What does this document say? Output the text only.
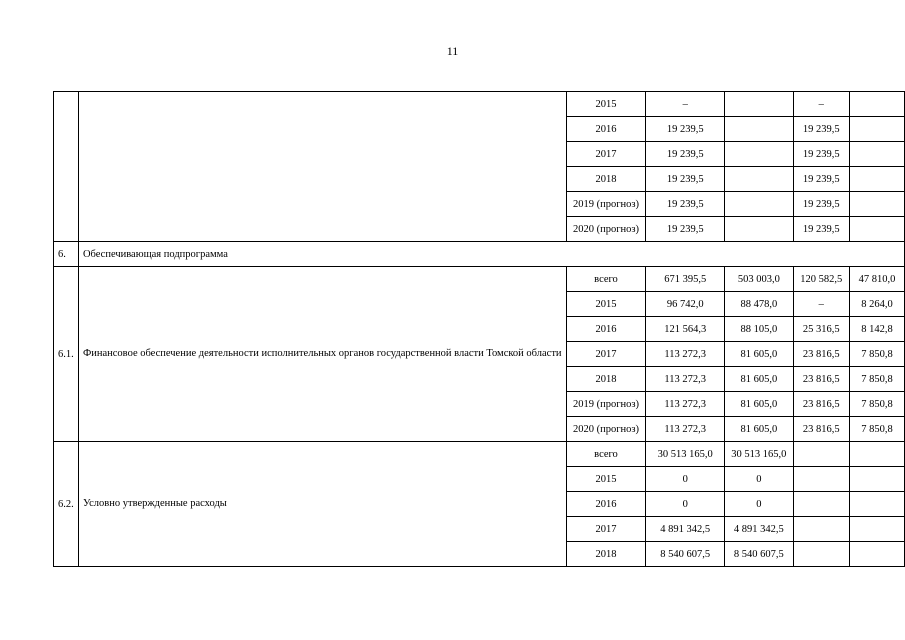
11
		2015	–		–	
		2016	19 239,5		19 239,5	
		2017	19 239,5		19 239,5	
		2018	19 239,5		19 239,5	
		2019 (прогноз)	19 239,5		19 239,5	
		2020 (прогноз)	19 239,5		19 239,5	
6.	Обеспечивающая подпрограмма					
6.1.	Финансовое обеспечение деятельности исполнительных органов государственной власти Томской области	всего	671 395,5	503 003,0	120 582,5	47 810,0
		2015	96 742,0	88 478,0	–	8 264,0
		2016	121 564,3	88 105,0	25 316,5	8 142,8
		2017	113 272,3	81 605,0	23 816,5	7 850,8
		2018	113 272,3	81 605,0	23 816,5	7 850,8
		2019 (прогноз)	113 272,3	81 605,0	23 816,5	7 850,8
		2020 (прогноз)	113 272,3	81 605,0	23 816,5	7 850,8
6.2.	Условно утвержденные расходы	всего	30 513 165,0	30 513 165,0		
		2015	0	0		
		2016	0	0		
		2017	4 891 342,5	4 891 342,5		
		2018	8 540 607,5	8 540 607,5		
